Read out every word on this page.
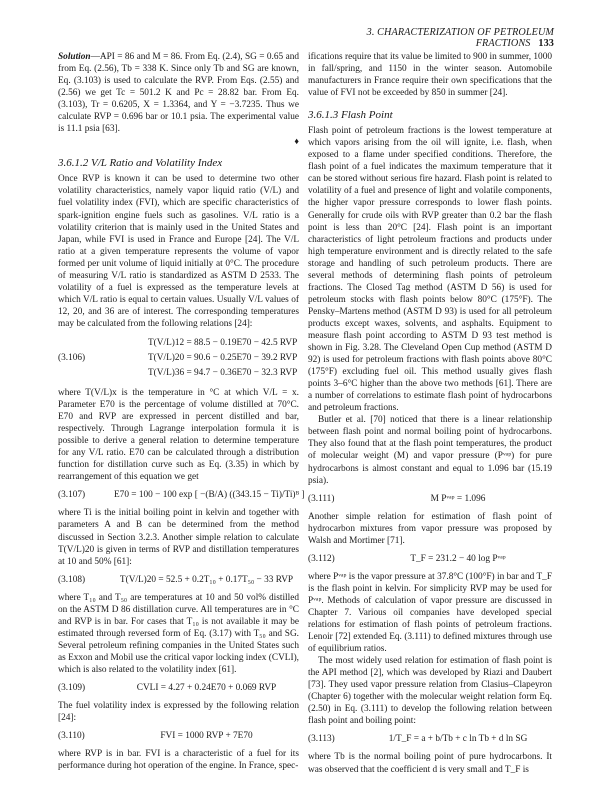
3. CHARACTERIZATION OF PETROLEUM FRACTIONS 133

Solution—API = 86 and M = 86. From Eq. (2.4), SG = 0.65 and from Eq. (2.56), Tb = 338 K. Since only Tb and SG are known, Eq. (3.103) is used to calculate the RVP. From Eqs. (2.55) and (2.56) we get Tc = 501.2 K and Pc = 28.82 bar. From Eq. (3.103), Tr = 0.6205, X = 1.3364, and Y = −3.7235. Thus we calculate RVP = 0.696 bar or 10.1 psia. The experimental value is 11.1 psia [63].

♦
3.6.1.2 V/L Ratio and Volatility Index

Once RVP is known it can be used to determine two other volatility characteristics, namely vapor liquid ratio (V/L) and fuel volatility index (FVI), which are specific characteristics of spark-ignition engine fuels such as gasolines. V/L ratio is a volatility criterion that is mainly used in the United States and Japan, while FVI is used in France and Europe [24]. The V/L ratio at a given temperature represents the volume of vapor formed per unit volume of liquid initially at 0°C. The procedure of measuring V/L ratio is standardized as ASTM D 2533. The volatility of a fuel is expressed as the temperature levels at which V/L ratio is equal to certain values. Usually V/L values of 12, 20, and 36 are of interest. The corresponding temperatures may be calculated from the following relations [24]:

(3.106)
T(V/L)12 = 88.5 − 0.19E70 − 42.5 RVP
T(V/L)20 = 90.6 − 0.25E70 − 39.2 RVP
T(V/L)36 = 94.7 − 0.36E70 − 32.3 RVP

where T(V/L)x is the temperature in °C at which V/L = x. Parameter E70 is the percentage of volume distilled at 70°C. E70 and RVP are expressed in percent distilled and bar, respectively. Through Lagrange interpolation formula it is possible to derive a general relation to determine temperature for any V/L ratio. E70 can be calculated through a distribution function for distillation curve such as Eq. (3.35) in which by rearrangement of this equation we get

(3.107)	E70 = 100 − 100 exp [ −(B/A) ((343.15 − Ti)/Ti)ᴮ ]

where Ti is the initial boiling point in kelvin and together with parameters A and B can be determined from the method discussed in Section 3.2.3. Another simple relation to calculate T(V/L)20 is given in terms of RVP and distillation temperatures at 10 and 50% [61]:

(3.108)	T(V/L)20 = 52.5 + 0.2T₁₀ + 0.17T₅₀ − 33 RVP

where T₁₀ and T₅₀ are temperatures at 10 and 50 vol% distilled on the ASTM D 86 distillation curve. All temperatures are in °C and RVP is in bar. For cases that T₁₀ is not available it may be estimated through reversed form of Eq. (3.17) with T₅₀ and SG. Several petroleum refining companies in the United States such as Exxon and Mobil use the critical vapor locking index (CVLI), which is also related to the volatility index [61].

(3.109)	CVLI = 4.27 + 0.24E70 + 0.069 RVP

The fuel volatility index is expressed by the following relation [24]:

(3.110)	FVI = 1000 RVP + 7E70

where RVP is in bar. FVI is a characteristic of a fuel for its performance during hot operation of the engine. In France, spec-

ifications require that its value be limited to 900 in summer, 1000 in fall/spring, and 1150 in the winter season. Automobile manufacturers in France require their own specifications that the value of FVI not be exceeded by 850 in summer [24].

3.6.1.3 Flash Point

Flash point of petroleum fractions is the lowest temperature at which vapors arising from the oil will ignite, i.e. flash, when exposed to a flame under specified conditions. Therefore, the flash point of a fuel indicates the maximum temperature that it can be stored without serious fire hazard. Flash point is related to volatility of a fuel and presence of light and volatile components, the higher vapor pressure corresponds to lower flash points. Generally for crude oils with RVP greater than 0.2 bar the flash point is less than 20°C [24]. Flash point is an important characteristics of light petroleum fractions and products under high temperature environment and is directly related to the safe storage and handling of such petroleum products. There are several methods of determining flash points of petroleum fractions. The Closed Tag method (ASTM D 56) is used for petroleum stocks with flash points below 80°C (175°F). The Pensky–Martens method (ASTM D 93) is used for all petroleum products except waxes, solvents, and asphalts. Equipment to measure flash point according to ASTM D 93 test method is shown in Fig. 3.28. The Cleveland Open Cup method (ASTM D 92) is used for petroleum fractions with flash points above 80°C (175°F) excluding fuel oil. This method usually gives flash points 3–6°C higher than the above two methods [61]. There are a number of correlations to estimate flash point of hydrocarbons and petroleum fractions.

Butler et al. [70] noticed that there is a linear relationship between flash point and normal boiling point of hydrocarbons. They also found that at the flash point temperatures, the product of molecular weight (M) and vapor pressure (Pᵛᵃᵖ) for pure hydrocarbons is almost constant and equal to 1.096 bar (15.19 psia).

(3.111)	M Pᵛᵃᵖ = 1.096

Another simple relation for estimation of flash point of hydrocarbon mixtures from vapor pressure was proposed by Walsh and Mortimer [71].

(3.112)	T_F = 231.2 − 40 log Pᵛᵃᵖ

where Pᵛᵃᵖ is the vapor pressure at 37.8°C (100°F) in bar and T_F is the flash point in kelvin. For simplicity RVP may be used for Pᵛᵃᵖ. Methods of calculation of vapor pressure are discussed in Chapter 7. Various oil companies have developed special relations for estimation of flash points of petroleum fractions. Lenoir [72] extended Eq. (3.111) to defined mixtures through use of equilibrium ratios.

The most widely used relation for estimation of flash point is the API method [2], which was developed by Riazi and Daubert [73]. They used vapor pressure relation from Clasius–Clapeyron (Chapter 6) together with the molecular weight relation form Eq. (2.50) in Eq. (3.111) to develop the following relation between flash point and boiling point:

(3.113)	1/T_F = a + b/Tb + c ln Tb + d ln SG

where Tb is the normal boiling point of pure hydrocarbons. It was observed that the coefficient d is very small and T_F is
